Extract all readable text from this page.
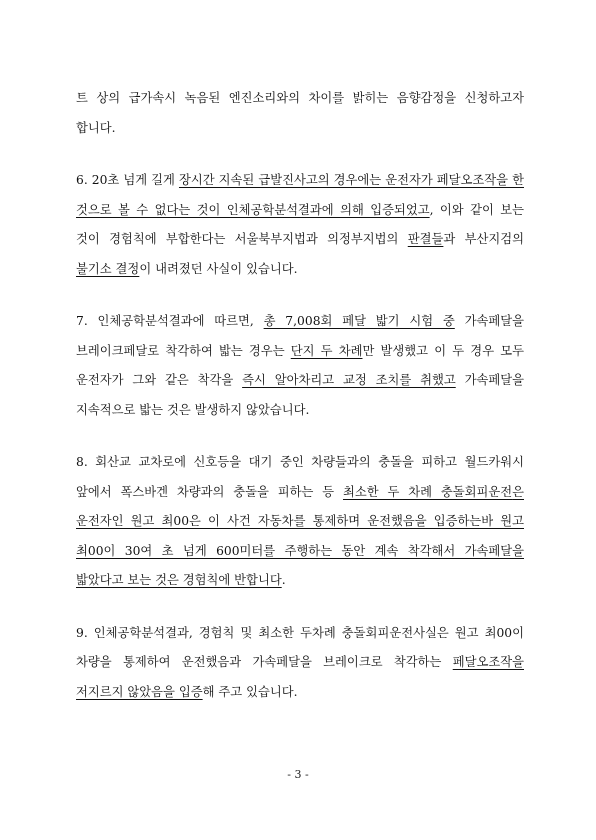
트 상의 급가속시 녹음된 엔진소리와의 차이를 밝히는 음향감정을 신청하고자 합니다.

6. 20초 넘게 길게 장시간 지속된 급발진사고의 경우에는 운전자가 페달오조작을 한 것으로 볼 수 없다는 것이 인체공학분석결과에 의해 입증되었고, 이와 같이 보는 것이 경험칙에 부합한다는 서울북부지법과 의정부지법의 판결들과 부산지검의 불기소 결정이 내려졌던 사실이 있습니다.

7. 인체공학분석결과에 따르면, 총 7,008회 페달 밟기 시험 중 가속페달을 브레이크페달로 착각하여 밟는 경우는 단지 두 차례만 발생했고 이 두 경우 모두 운전자가 그와 같은 착각을 즉시 알아차리고 교정 조치를 취했고 가속페달을 지속적으로 밟는 것은 발생하지 않았습니다.

8. 회산교 교차로에 신호등을 대기 중인 차량들과의 충돌을 피하고 월드카워시 앞에서 폭스바겐 차량과의 충돌을 피하는 등 최소한 두 차례 충돌회피운전은 운전자인 원고 최00은 이 사건 자동차를 통제하며 운전했음을 입증하는바 원고 최00이 30여 초 넘게 600미터를 주행하는 동안 계속 착각해서 가속페달을 밟았다고 보는 것은 경험칙에 반합니다.

9. 인체공학분석결과, 경험칙 및 최소한 두차례 충돌회피운전사실은 원고 최00이 차량을 통제하여 운전했음과 가속페달을 브레이크로 착각하는 페달오조작을 저지르지 않았음을 입증해 주고 있습니다.

- 3 -
